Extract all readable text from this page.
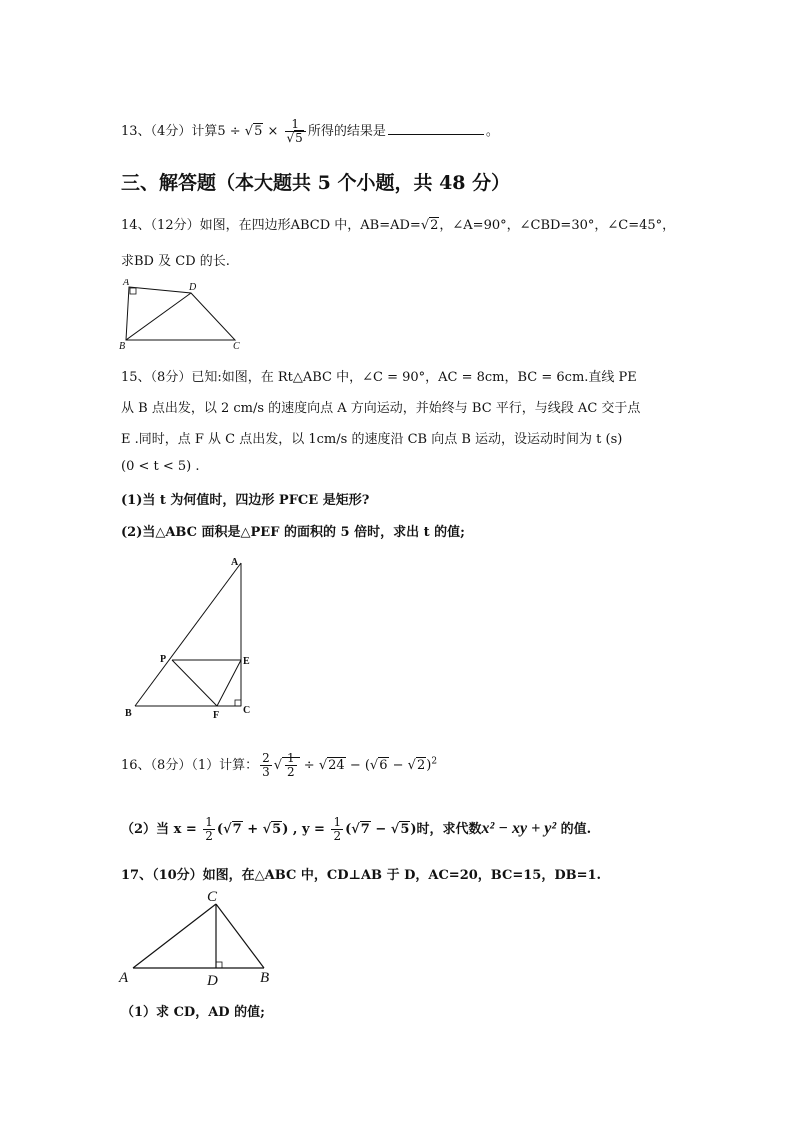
13、（4分）计算$5 \div √5 \times \frac{1}{√5}$ 所得的结果是	。
三、解答题（本大题共 5 个小题，共 48 分）
14、（12分）如图，在四边形ABCD 中，AB=AD=√2，∠A=90°，∠CBD=30°，∠C=45°，
求BD 及 CD 的长.
A	D
B	C
15、（8分）已知:如图，在 Rt△ABC 中，∠C = 90°，AC = 8cm，BC = 6cm.直线 PE
从 B 点出发，以 2 cm/s 的速度向点 A 方向运动，并始终与 BC 平行，与线段 AC 交于点
E .同时，点 F 从 C 点出发，以 1cm/s 的速度沿 CB 向点 B 运动，设运动时间为 t (s)
(0 < t < 5) .
(1)当 t 为何值时，四边形 PFCE 是矩形?
(2)当△ABC 面积是△PEF 的面积的 5 倍时，求出 t 的值;
A
P	E
B	F C
16、（8分）（1）计算： $\frac{2}{3}$ √ $\frac{1}{2} \div √24 - (√6 - √2)^2$
（2）当 $x = \frac{1}{2} (√7 + √5)$ , $y = \frac{1}{2} (√7 - √5)$时，求代数x² − xy + y² 的值.
17、（10分）如图，在△ABC 中，CD⊥AB 于 D，AC=20，BC=15，DB=1.
C
A	D	B
（1）求 CD，AD 的值;
